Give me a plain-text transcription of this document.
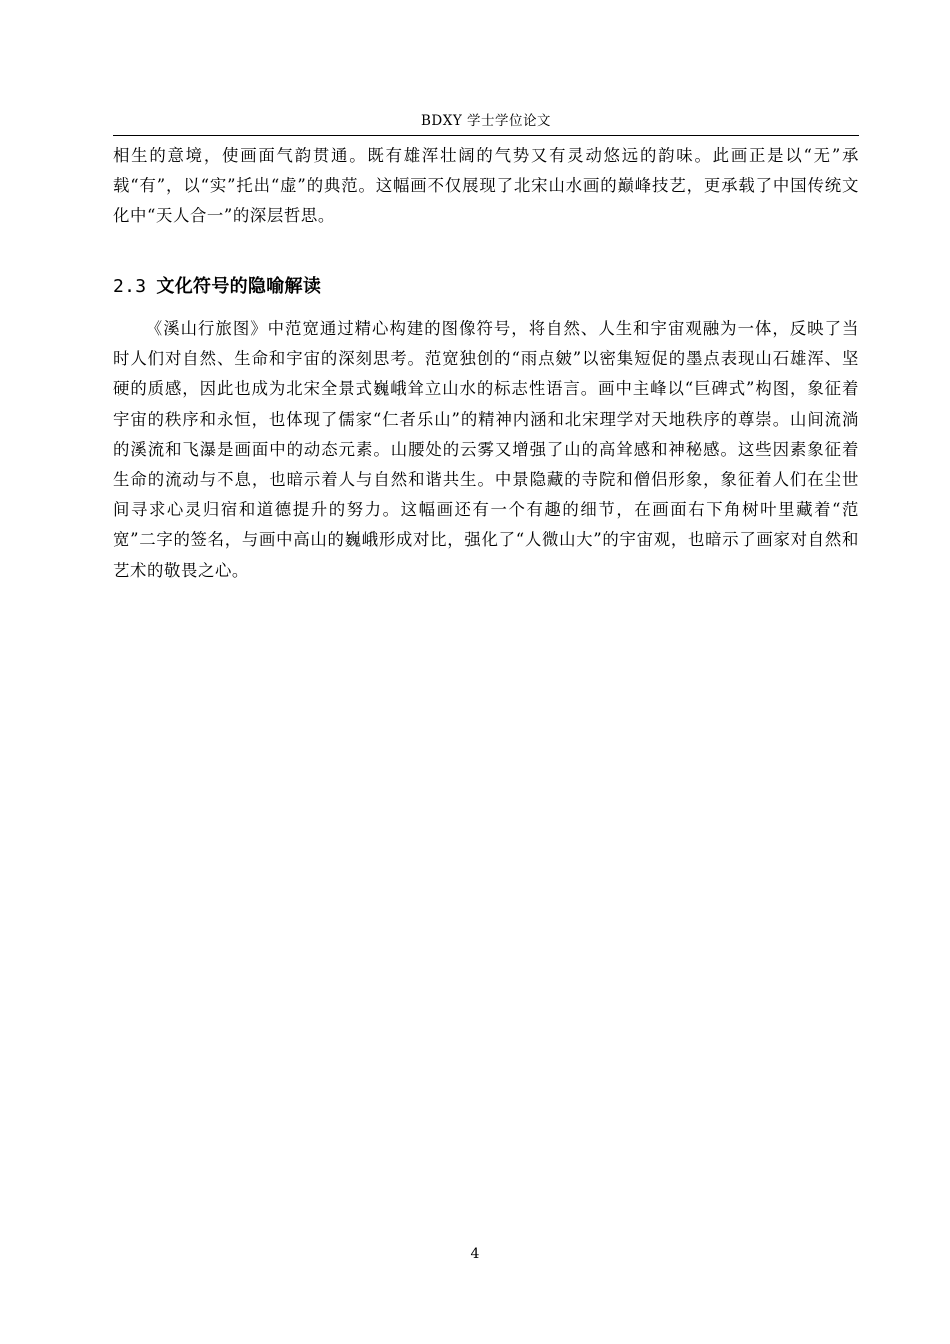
BDXY 学士学位论文

相生的意境，使画面气韵贯通。既有雄浑壮阔的气势又有灵动悠远的韵味。此画正是以“无”承载“有”，以“实”托出“虚”的典范。这幅画不仅展现了北宋山水画的巅峰技艺，更承载了中国传统文化中“天人合一”的深层哲思。

2.3 文化符号的隐喻解读

《溪山行旅图》中范宽通过精心构建的图像符号，将自然、人生和宇宙观融为一体，反映了当时人们对自然、生命和宇宙的深刻思考。范宽独创的“雨点皴”以密集短促的墨点表现山石雄浑、坚硬的质感，因此也成为北宋全景式巍峨耸立山水的标志性语言。画中主峰以“巨碑式”构图，象征着宇宙的秩序和永恒，也体现了儒家“仁者乐山”的精神内涵和北宋理学对天地秩序的尊崇。山间流淌的溪流和飞瀑是画面中的动态元素。山腰处的云雾又增强了山的高耸感和神秘感。这些因素象征着生命的流动与不息，也暗示着人与自然和谐共生。中景隐藏的寺院和僧侣形象，象征着人们在尘世间寻求心灵归宿和道德提升的努力。这幅画还有一个有趣的细节，在画面右下角树叶里藏着“范宽”二字的签名，与画中高山的巍峨形成对比，强化了“人微山大”的宇宙观，也暗示了画家对自然和艺术的敬畏之心。

4
